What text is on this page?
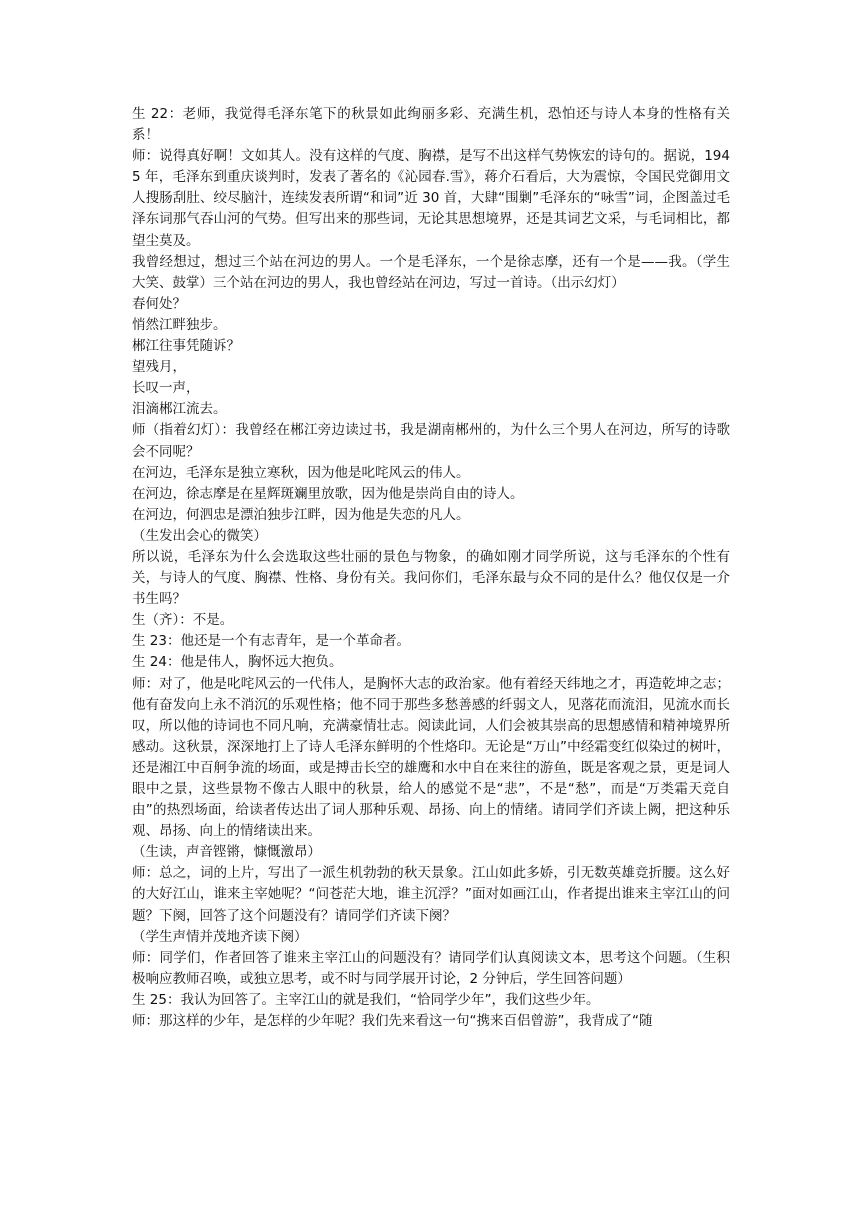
生 22：老师，我觉得毛泽东笔下的秋景如此绚丽多彩、充满生机，恐怕还与诗人本身的性格有关系！

师：说得真好啊！文如其人。没有这样的气度、胸襟，是写不出这样气势恢宏的诗句的。据说，1945 年，毛泽东到重庆谈判时，发表了著名的《沁园春.雪》，蒋介石看后，大为震惊，令国民党御用文人搜肠刮肚、绞尽脑汁，连续发表所谓“和词”近 30 首，大肆“围剿”毛泽东的“咏雪”词，企图盖过毛泽东词那气吞山河的气势。但写出来的那些词，无论其思想境界，还是其词艺文采，与毛词相比，都望尘莫及。

我曾经想过，想过三个站在河边的男人。一个是毛泽东，一个是徐志摩，还有一个是——我。（学生大笑、鼓掌）三个站在河边的男人，我也曾经站在河边，写过一首诗。（出示幻灯）

春何处？

悄然江畔独步。

郴江往事凭随诉？

望残月，

长叹一声，

泪滴郴江流去。

师（指着幻灯）：我曾经在郴江旁边读过书，我是湖南郴州的，为什么三个男人在河边，所写的诗歌会不同呢？

在河边，毛泽东是独立寒秋，因为他是叱咤风云的伟人。

在河边，徐志摩是在星辉斑斓里放歌，因为他是崇尚自由的诗人。

在河边，何泗忠是漂泊独步江畔，因为他是失恋的凡人。

（生发出会心的微笑）

所以说，毛泽东为什么会选取这些壮丽的景色与物象，的确如刚才同学所说，这与毛泽东的个性有关，与诗人的气度、胸襟、性格、身份有关。我问你们，毛泽东最与众不同的是什么？他仅仅是一介书生吗？

生（齐）：不是。

生 23：他还是一个有志青年，是一个革命者。

生 24：他是伟人，胸怀远大抱负。

师：对了，他是叱咤风云的一代伟人，是胸怀大志的政治家。他有着经天纬地之才，再造乾坤之志；他有奋发向上永不消沉的乐观性格；他不同于那些多愁善感的纤弱文人，见落花而流泪，见流水而长叹，所以他的诗词也不同凡响，充满豪情壮志。阅读此词，人们会被其崇高的思想感情和精神境界所感动。这秋景，深深地打上了诗人毛泽东鲜明的个性烙印。无论是“万山”中经霜变红似染过的树叶，还是湘江中百舸争流的场面，或是搏击长空的雄鹰和水中自在来往的游鱼，既是客观之景，更是词人眼中之景，这些景物不像古人眼中的秋景，给人的感觉不是“悲”，不是“愁”，而是“万类霜天竞自由”的热烈场面，给读者传达出了词人那种乐观、昂扬、向上的情绪。请同学们齐读上阙，把这种乐观、昂扬、向上的情绪读出来。

（生读，声音铿锵，慷慨激昂）

师：总之，词的上片，写出了一派生机勃勃的秋天景象。江山如此多娇，引无数英雄竞折腰。这么好的大好江山，谁来主宰她呢？“问苍茫大地，谁主沉浮？”面对如画江山，作者提出谁来主宰江山的问题？下阕，回答了这个问题没有？请同学们齐读下阕？

（学生声情并茂地齐读下阕）

师：同学们，作者回答了谁来主宰江山的问题没有？请同学们认真阅读文本，思考这个问题。（生积极响应教师召唤，或独立思考，或不时与同学展开讨论，2 分钟后，学生回答问题）

生 25：我认为回答了。主宰江山的就是我们，“恰同学少年”，我们这些少年。

师：那这样的少年，是怎样的少年呢？我们先来看这一句“携来百侣曾游”，我背成了“随
